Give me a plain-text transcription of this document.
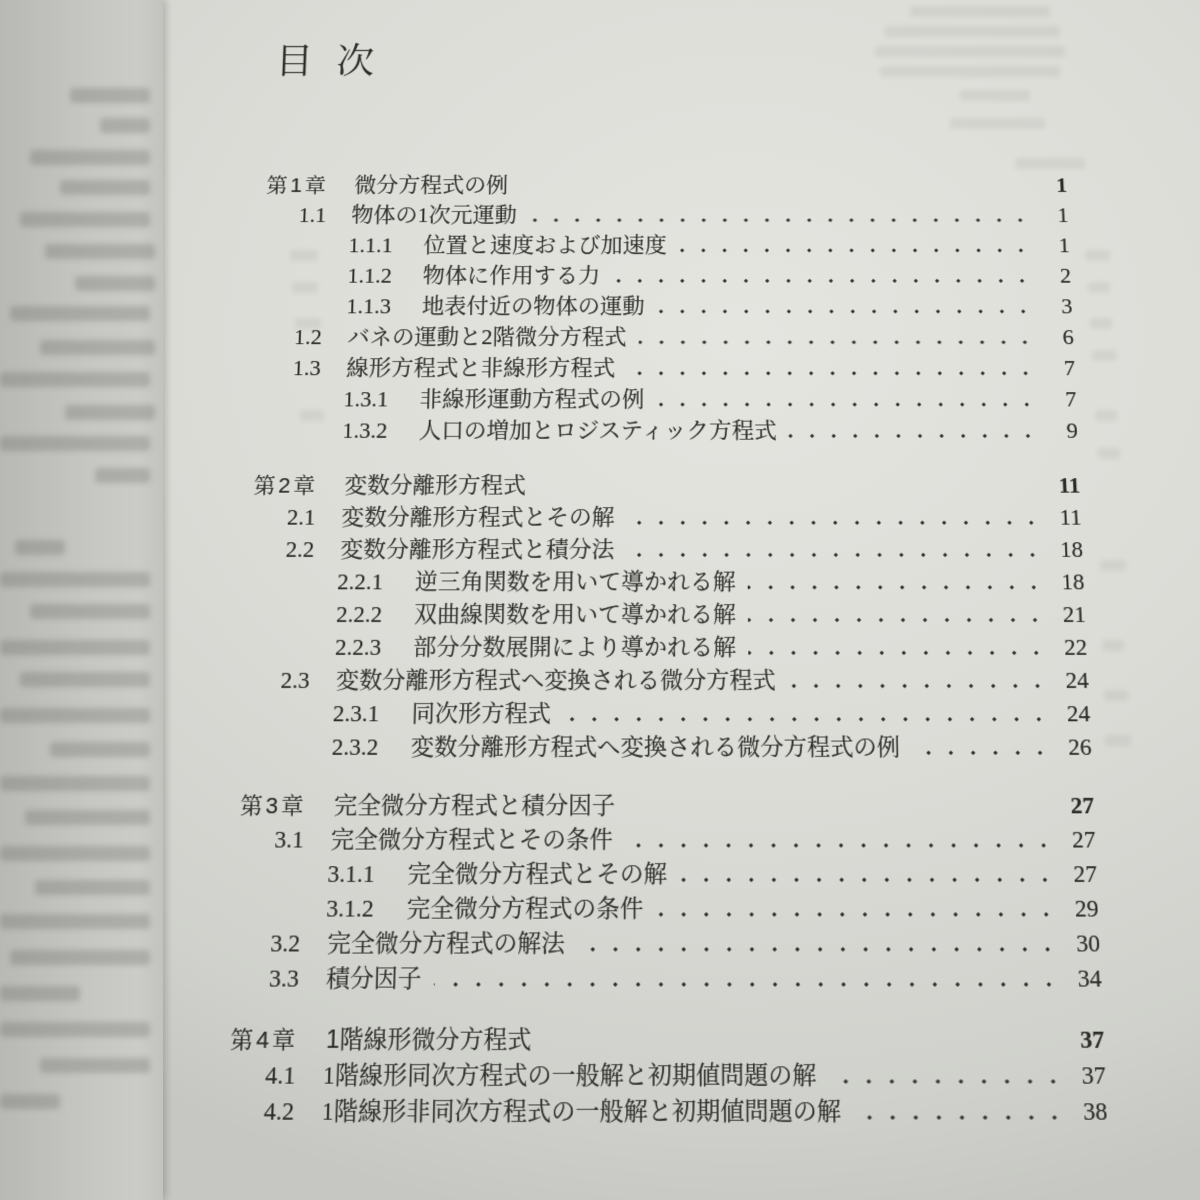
目 次
第1章	微分方程式の例	1
1.1	物体の1次元運動	1
1.1.1	位置と速度および加速度	1
1.1.2	物体に作用する力	2
1.1.3	地表付近の物体の運動	3
1.2	バネの運動と2階微分方程式	6
1.3	線形方程式と非線形方程式	7
1.3.1	非線形運動方程式の例	7
1.3.2	人口の増加とロジスティック方程式	9
第2章	変数分離形方程式	11
2.1	変数分離形方程式とその解	11
2.2	変数分離形方程式と積分法	18
2.2.1	逆三角関数を用いて導かれる解	18
2.2.2	双曲線関数を用いて導かれる解	21
2.2.3	部分分数展開により導かれる解	22
2.3	変数分離形方程式へ変換される微分方程式	24
2.3.1	同次形方程式	24
2.3.2	変数分離形方程式へ変換される微分方程式の例	26
第3章	完全微分方程式と積分因子	27
3.1	完全微分方程式とその条件	27
3.1.1	完全微分方程式とその解	27
3.1.2	完全微分方程式の条件	29
3.2	完全微分方程式の解法	30
3.3	積分因子	34
第4章	1階線形微分方程式	37
4.1	1階線形同次方程式の一般解と初期値問題の解	37
4.2	1階線形非同次方程式の一般解と初期値問題の解	38
